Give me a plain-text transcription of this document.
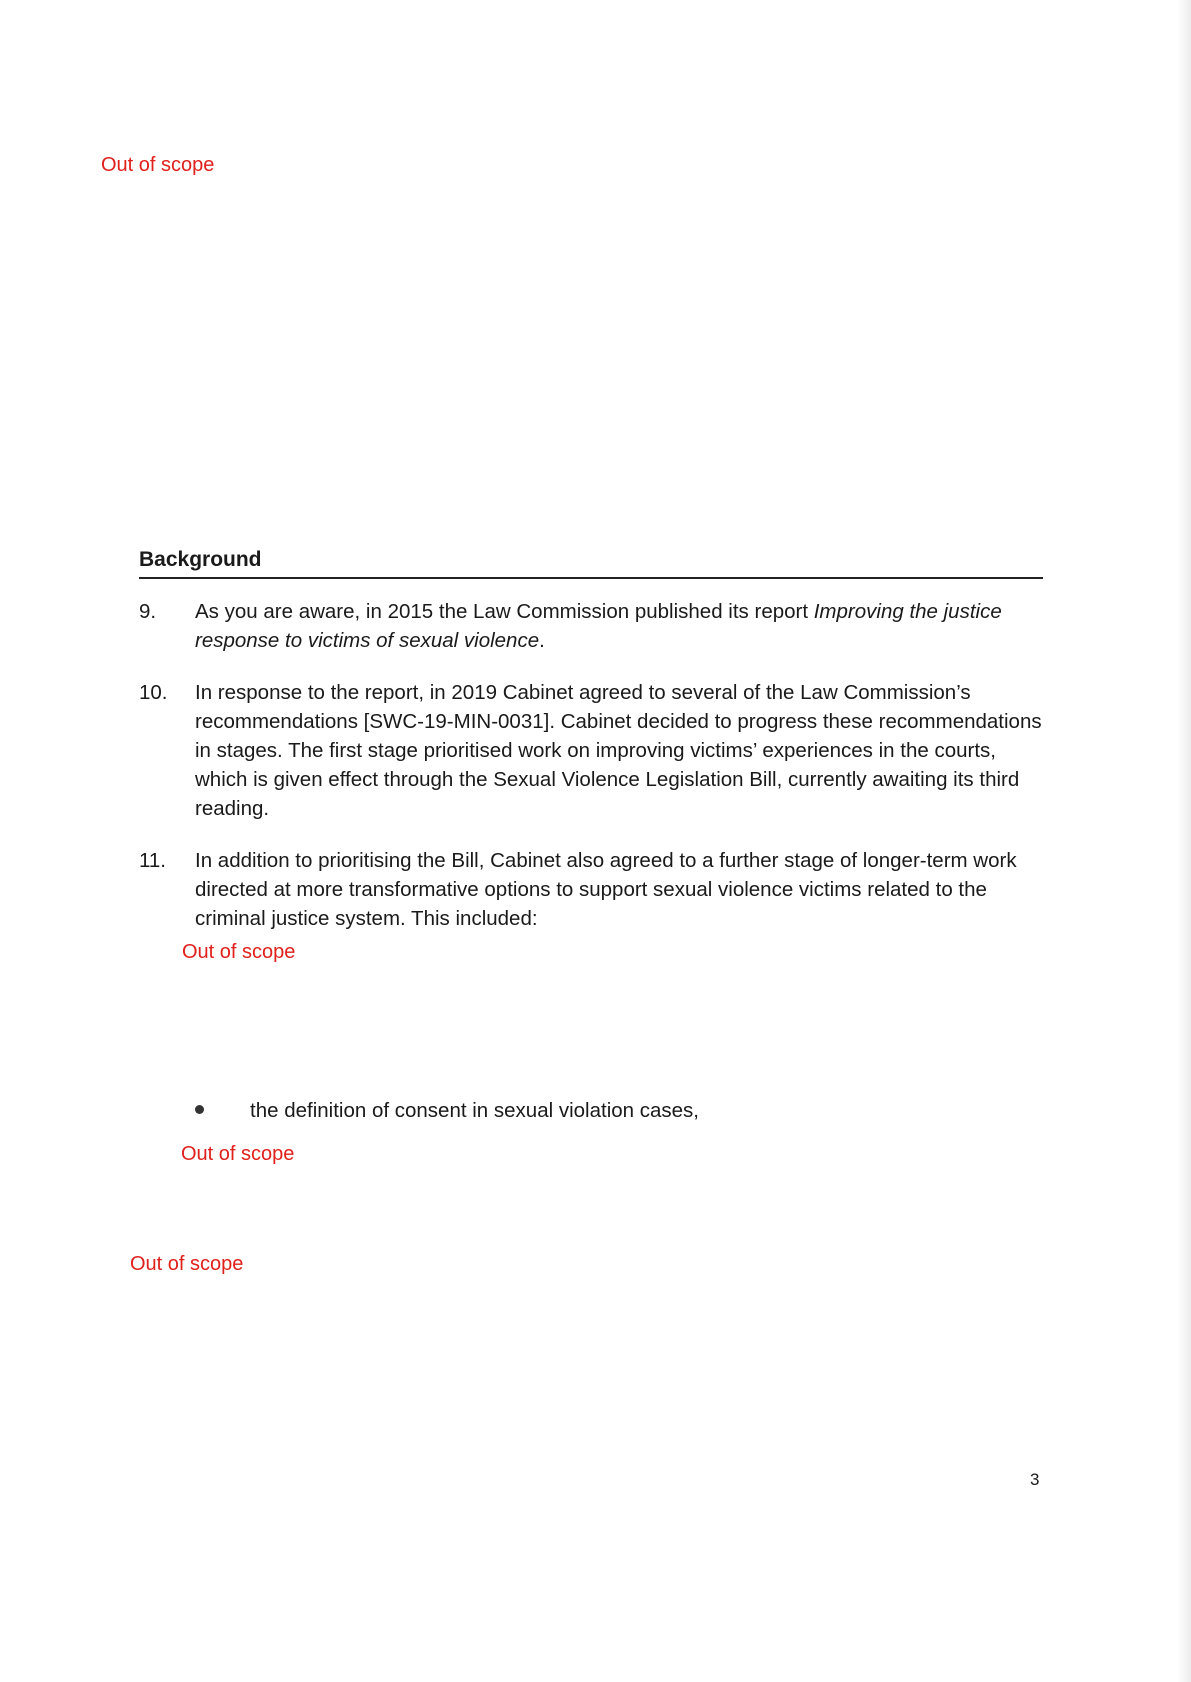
Out of scope
Background
9. As you are aware, in 2015 the Law Commission published its report Improving the justice response to victims of sexual violence.
10. In response to the report, in 2019 Cabinet agreed to several of the Law Commission’s recommendations [SWC-19-MIN-0031]. Cabinet decided to progress these recommendations in stages. The first stage prioritised work on improving victims’ experiences in the courts, which is given effect through the Sexual Violence Legislation Bill, currently awaiting its third reading.
11. In addition to prioritising the Bill, Cabinet also agreed to a further stage of longer-term work directed at more transformative options to support sexual violence victims related to the criminal justice system. This included:
Out of scope
the definition of consent in sexual violation cases,
Out of scope
Out of scope
3
